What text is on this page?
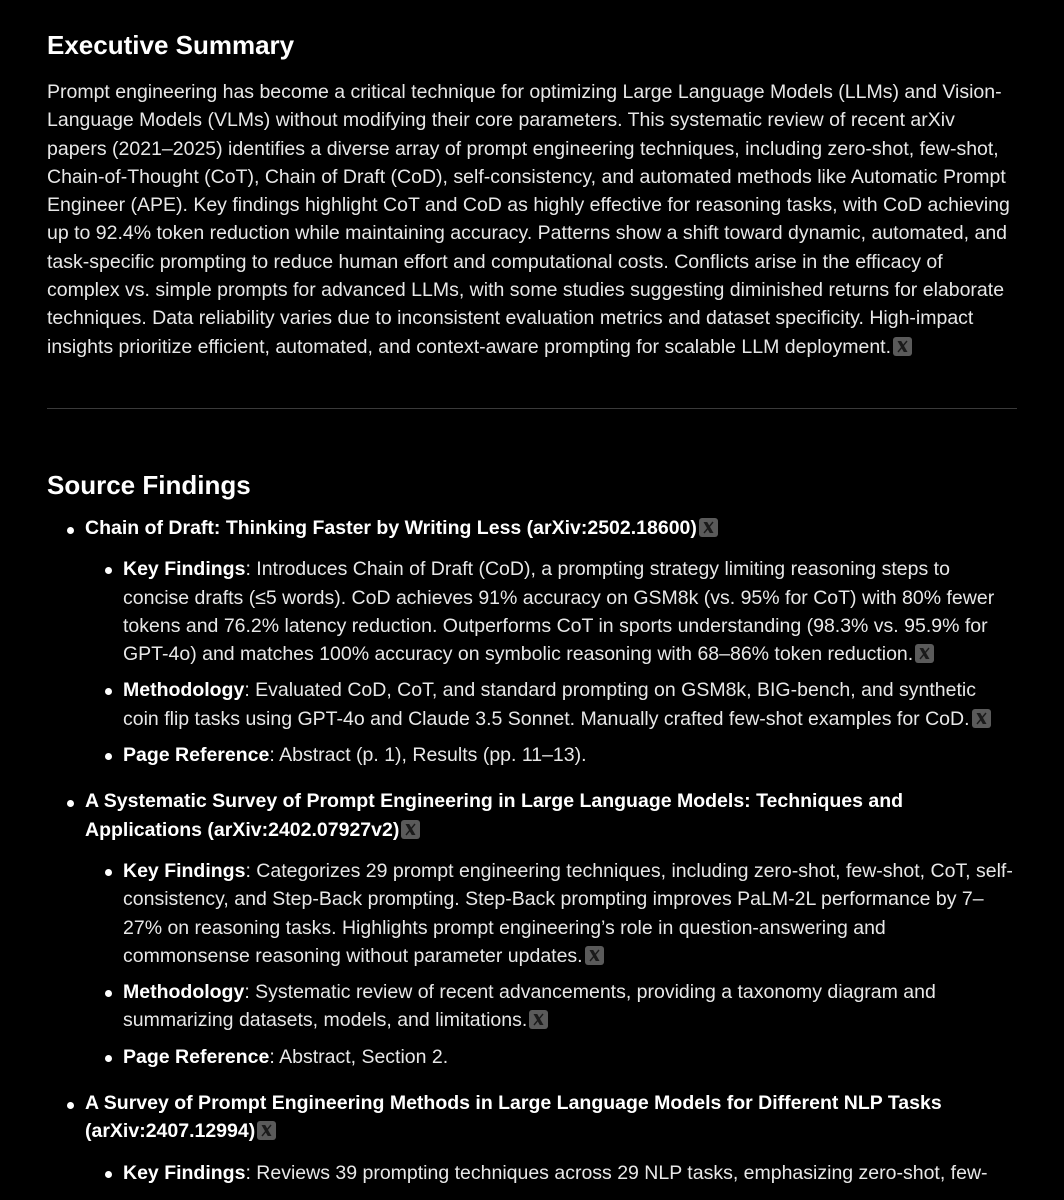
Executive Summary

Prompt engineering has become a critical technique for optimizing Large Language Models (LLMs) and Vision-Language Models (VLMs) without modifying their core parameters. This systematic review of recent arXiv papers (2021–2025) identifies a diverse array of prompt engineering techniques, including zero-shot, few-shot, Chain-of-Thought (CoT), Chain of Draft (CoD), self-consistency, and automated methods like Automatic Prompt Engineer (APE). Key findings highlight CoT and CoD as highly effective for reasoning tasks, with CoD achieving up to 92.4% token reduction while maintaining accuracy. Patterns show a shift toward dynamic, automated, and task-specific prompting to reduce human effort and computational costs. Conflicts arise in the efficacy of complex vs. simple prompts for advanced LLMs, with some studies suggesting diminished returns for elaborate techniques. Data reliability varies due to inconsistent evaluation metrics and dataset specificity. High-impact insights prioritize efficient, automated, and context-aware prompting for scalable LLM deployment.

Source Findings
Chain of Draft: Thinking Faster by Writing Less (arXiv:2502.18600)
Key Findings: Introduces Chain of Draft (CoD), a prompting strategy limiting reasoning steps to concise drafts (≤5 words). CoD achieves 91% accuracy on GSM8k (vs. 95% for CoT) with 80% fewer tokens and 76.2% latency reduction. Outperforms CoT in sports understanding (98.3% vs. 95.9% for GPT-4o) and matches 100% accuracy on symbolic reasoning with 68–86% token reduction.
Methodology: Evaluated CoD, CoT, and standard prompting on GSM8k, BIG-bench, and synthetic coin flip tasks using GPT-4o and Claude 3.5 Sonnet. Manually crafted few-shot examples for CoD.
Page Reference: Abstract (p. 1), Results (pp. 11–13).
A Systematic Survey of Prompt Engineering in Large Language Models: Techniques and Applications (arXiv:2402.07927v2)
Key Findings: Categorizes 29 prompt engineering techniques, including zero-shot, few-shot, CoT, self-consistency, and Step-Back prompting. Step-Back prompting improves PaLM-2L performance by 7–27% on reasoning tasks. Highlights prompt engineering’s role in question-answering and commonsense reasoning without parameter updates.
Methodology: Systematic review of recent advancements, providing a taxonomy diagram and summarizing datasets, models, and limitations.
Page Reference: Abstract, Section 2.
A Survey of Prompt Engineering Methods in Large Language Models for Different NLP Tasks (arXiv:2407.12994)
Key Findings: Reviews 39 prompting techniques across 29 NLP tasks, emphasizing zero-shot, few-
